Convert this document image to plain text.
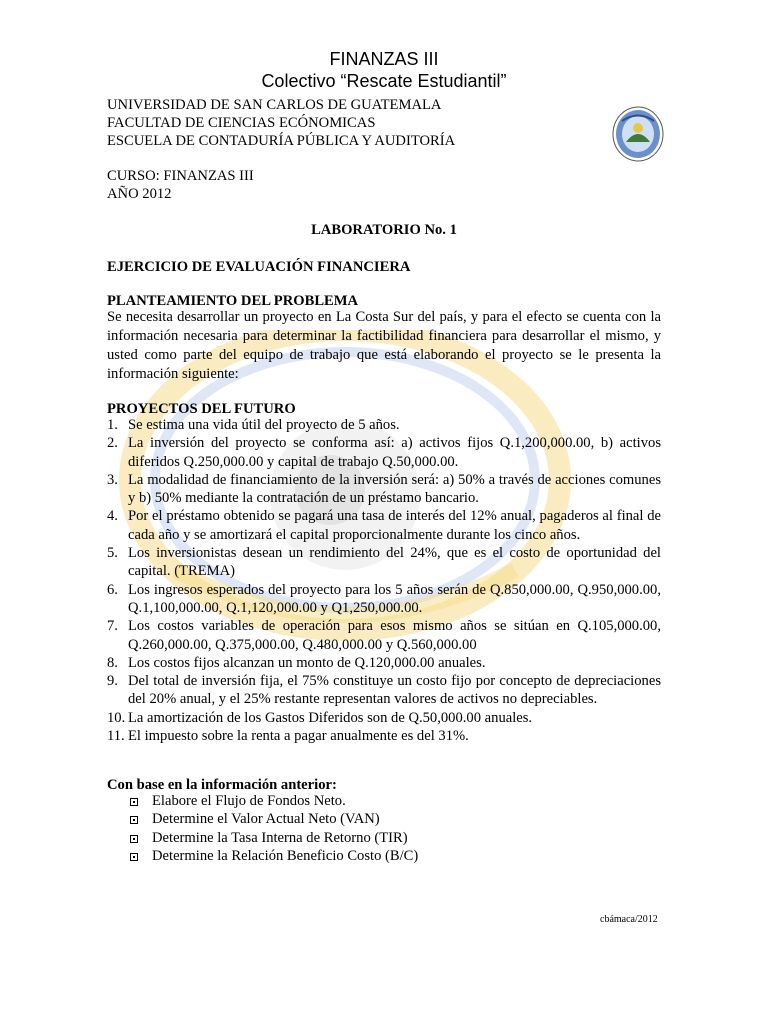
FINANZAS III
Colectivo “Rescate Estudiantil”
UNIVERSIDAD DE SAN CARLOS DE GUATEMALA
FACULTAD DE CIENCIAS ECÓNOMICAS
ESCUELA DE CONTADURÍA PÚBLICA Y AUDITORÍA
CURSO: FINANZAS III
AÑO 2012
LABORATORIO No. 1
EJERCICIO DE EVALUACIÓN FINANCIERA
PLANTEAMIENTO DEL PROBLEMA
Se necesita desarrollar un proyecto en La Costa Sur del país, y para el efecto se cuenta con la información necesaria para determinar la factibilidad financiera para desarrollar el mismo, y usted como parte del equipo de trabajo que está elaborando el proyecto se le presenta la información siguiente:
PROYECTOS DEL FUTURO
1. Se estima una vida útil del proyecto de 5 años.
2. La inversión del proyecto se conforma así: a) activos fijos Q.1,200,000.00, b) activos diferidos Q.250,000.00 y capital de trabajo Q.50,000.00.
3. La modalidad de financiamiento de la inversión será: a) 50% a través de acciones comunes y b) 50% mediante la contratación de un préstamo bancario.
4. Por el préstamo obtenido se pagará una tasa de interés del 12% anual, pagaderos al final de cada año y se amortizará el capital proporcionalmente durante los cinco años.
5. Los inversionistas desean un rendimiento del 24%, que es el costo de oportunidad del capital. (TREMA)
6. Los ingresos esperados del proyecto para los 5 años serán de Q.850,000.00, Q.950,000.00, Q.1,100,000.00, Q.1,120,000.00 y Q1,250,000.00.
7. Los costos variables de operación para esos mismo años se sitúan en Q.105,000.00, Q.260,000.00, Q.375,000.00, Q.480,000.00 y Q.560,000.00
8. Los costos fijos alcanzan un monto de Q.120,000.00 anuales.
9. Del total de inversión fija, el 75% constituye un costo fijo por concepto de depreciaciones del 20% anual, y el 25% restante representan valores de activos no depreciables.
10. La amortización de los Gastos Diferidos son de Q.50,000.00 anuales.
11. El impuesto sobre la renta a pagar anualmente es del 31%.
Con base en la información anterior:
Elabore el Flujo de Fondos Neto.
Determine el Valor Actual Neto (VAN)
Determine la Tasa Interna de Retorno (TIR)
Determine la Relación Beneficio Costo (B/C)
cbámaca/2012
